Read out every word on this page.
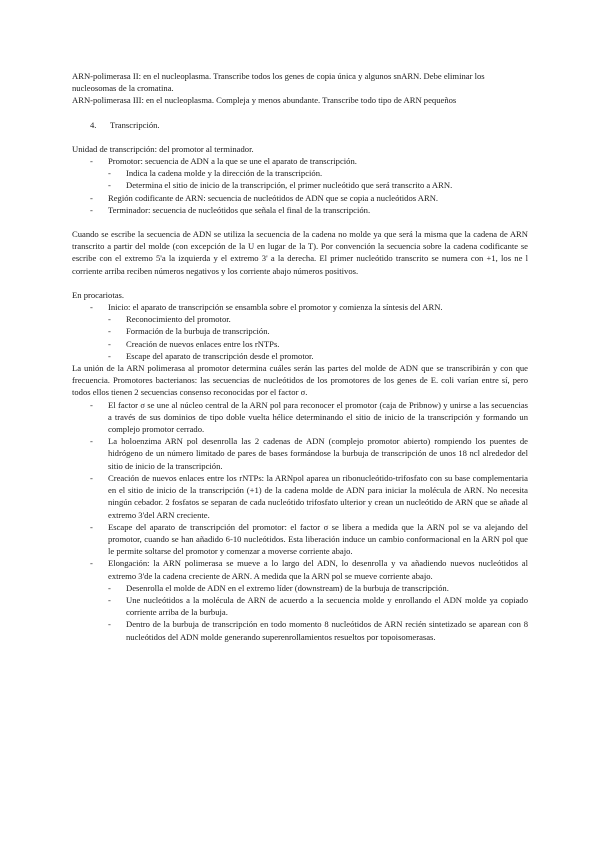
ARN-polimerasa II: en el nucleoplasma. Transcribe todos los genes de copia única y algunos snARN. Debe eliminar los nucleosomas de la cromatina.

ARN-polimerasa III: en el nucleoplasma. Compleja y menos abundante. Transcribe todo tipo de ARN pequeños

4.	Transcripción.

Unidad de transcripción: del promotor al terminador.

- Promotor: secuencia de ADN a la que se une el aparato de transcripción.
- Indica la cadena molde y la dirección de la transcripción.
- Determina el sitio de inicio de la transcripción, el primer nucleótido que será transcrito a ARN.
- Región codificante de ARN: secuencia de nucleótidos de ADN que se copia a nucleótidos ARN.
- Terminador: secuencia de nucleótidos que señala el final de la transcripción.

Cuando se escribe la secuencia de ADN se utiliza la secuencia de la cadena no molde ya que será la misma que la cadena de ARN transcrito a partir del molde (con excepción de la U en lugar de la T). Por convención la secuencia sobre la cadena codificante se escribe con el extremo 5'a la izquierda y el extremo 3' a la derecha. El primer nucleótido transcrito se numera con +1, los ne l corriente arriba reciben números negativos y los corriente abajo números positivos.

En procariotas.

- Inicio: el aparato de transcripción se ensambla sobre el promotor y comienza la síntesis del ARN.
- Reconocimiento del promotor.
- Formación de la burbuja de transcripción.
- Creación de nuevos enlaces entre los rNTPs.
- Escape del aparato de transcripción desde el promotor.

La unión de la ARN polimerasa al promotor determina cuáles serán las partes del molde de ADN que se transcribirán y con que frecuencia. Promotores bacterianos: las secuencias de nucleótidos de los promotores de los genes de E. coli varían entre sí, pero todos ellos tienen 2 secuencias consenso reconocidas por el factor σ.

- El factor σ se une al núcleo central de la ARN pol para reconocer el promotor (caja de Pribnow) y unirse a las secuencias a través de sus dominios de tipo doble vuelta hélice determinando el sitio de inicio de la transcripción y formando un complejo promotor cerrado.
- La holoenzima ARN pol desenrolla las 2 cadenas de ADN (complejo promotor abierto) rompiendo los puentes de hidrógeno de un número limitado de pares de bases formándose la burbuja de transcripción de unos 18 ncl alrededor del sitio de inicio de la transcripción.
- Creación de nuevos enlaces entre los rNTPs: la ARNpol aparea un ribonucleótido-trifosfato con su base complementaria en el sitio de inicio de la transcripción (+1) de la cadena molde de ADN para iniciar la molécula de ARN. No necesita ningún cebador. 2 fosfatos se separan de cada nucleótido trifosfato ulterior y crean un nucleótido de ARN que se añade al extremo 3'del ARN creciente.
- Escape del aparato de transcripción del promotor: el factor σ se libera a medida que la ARN pol se va alejando del promotor, cuando se han añadido 6-10 nucleótidos. Esta liberación induce un cambio conformacional en la ARN pol que le permite soltarse del promotor y comenzar a moverse corriente abajo.
- Elongación: la ARN polimerasa se mueve a lo largo del ADN, lo desenrolla y va añadiendo nuevos nucleótidos al extremo 3'de la cadena creciente de ARN. A medida que la ARN pol se mueve corriente abajo.
- Desenrolla el molde de ADN en el extremo líder (downstream) de la burbuja de transcripción.
- Une nucleótidos a la molécula de ARN de acuerdo a la secuencia molde y enrollando el ADN molde ya copiado corriente arriba de la burbuja.
- Dentro de la burbuja de transcripción en todo momento 8 nucleótidos de ARN recién sintetizado se aparean con 8 nucleótidos del ADN molde generando superenrollamientos resueltos por topoisomerasas.
